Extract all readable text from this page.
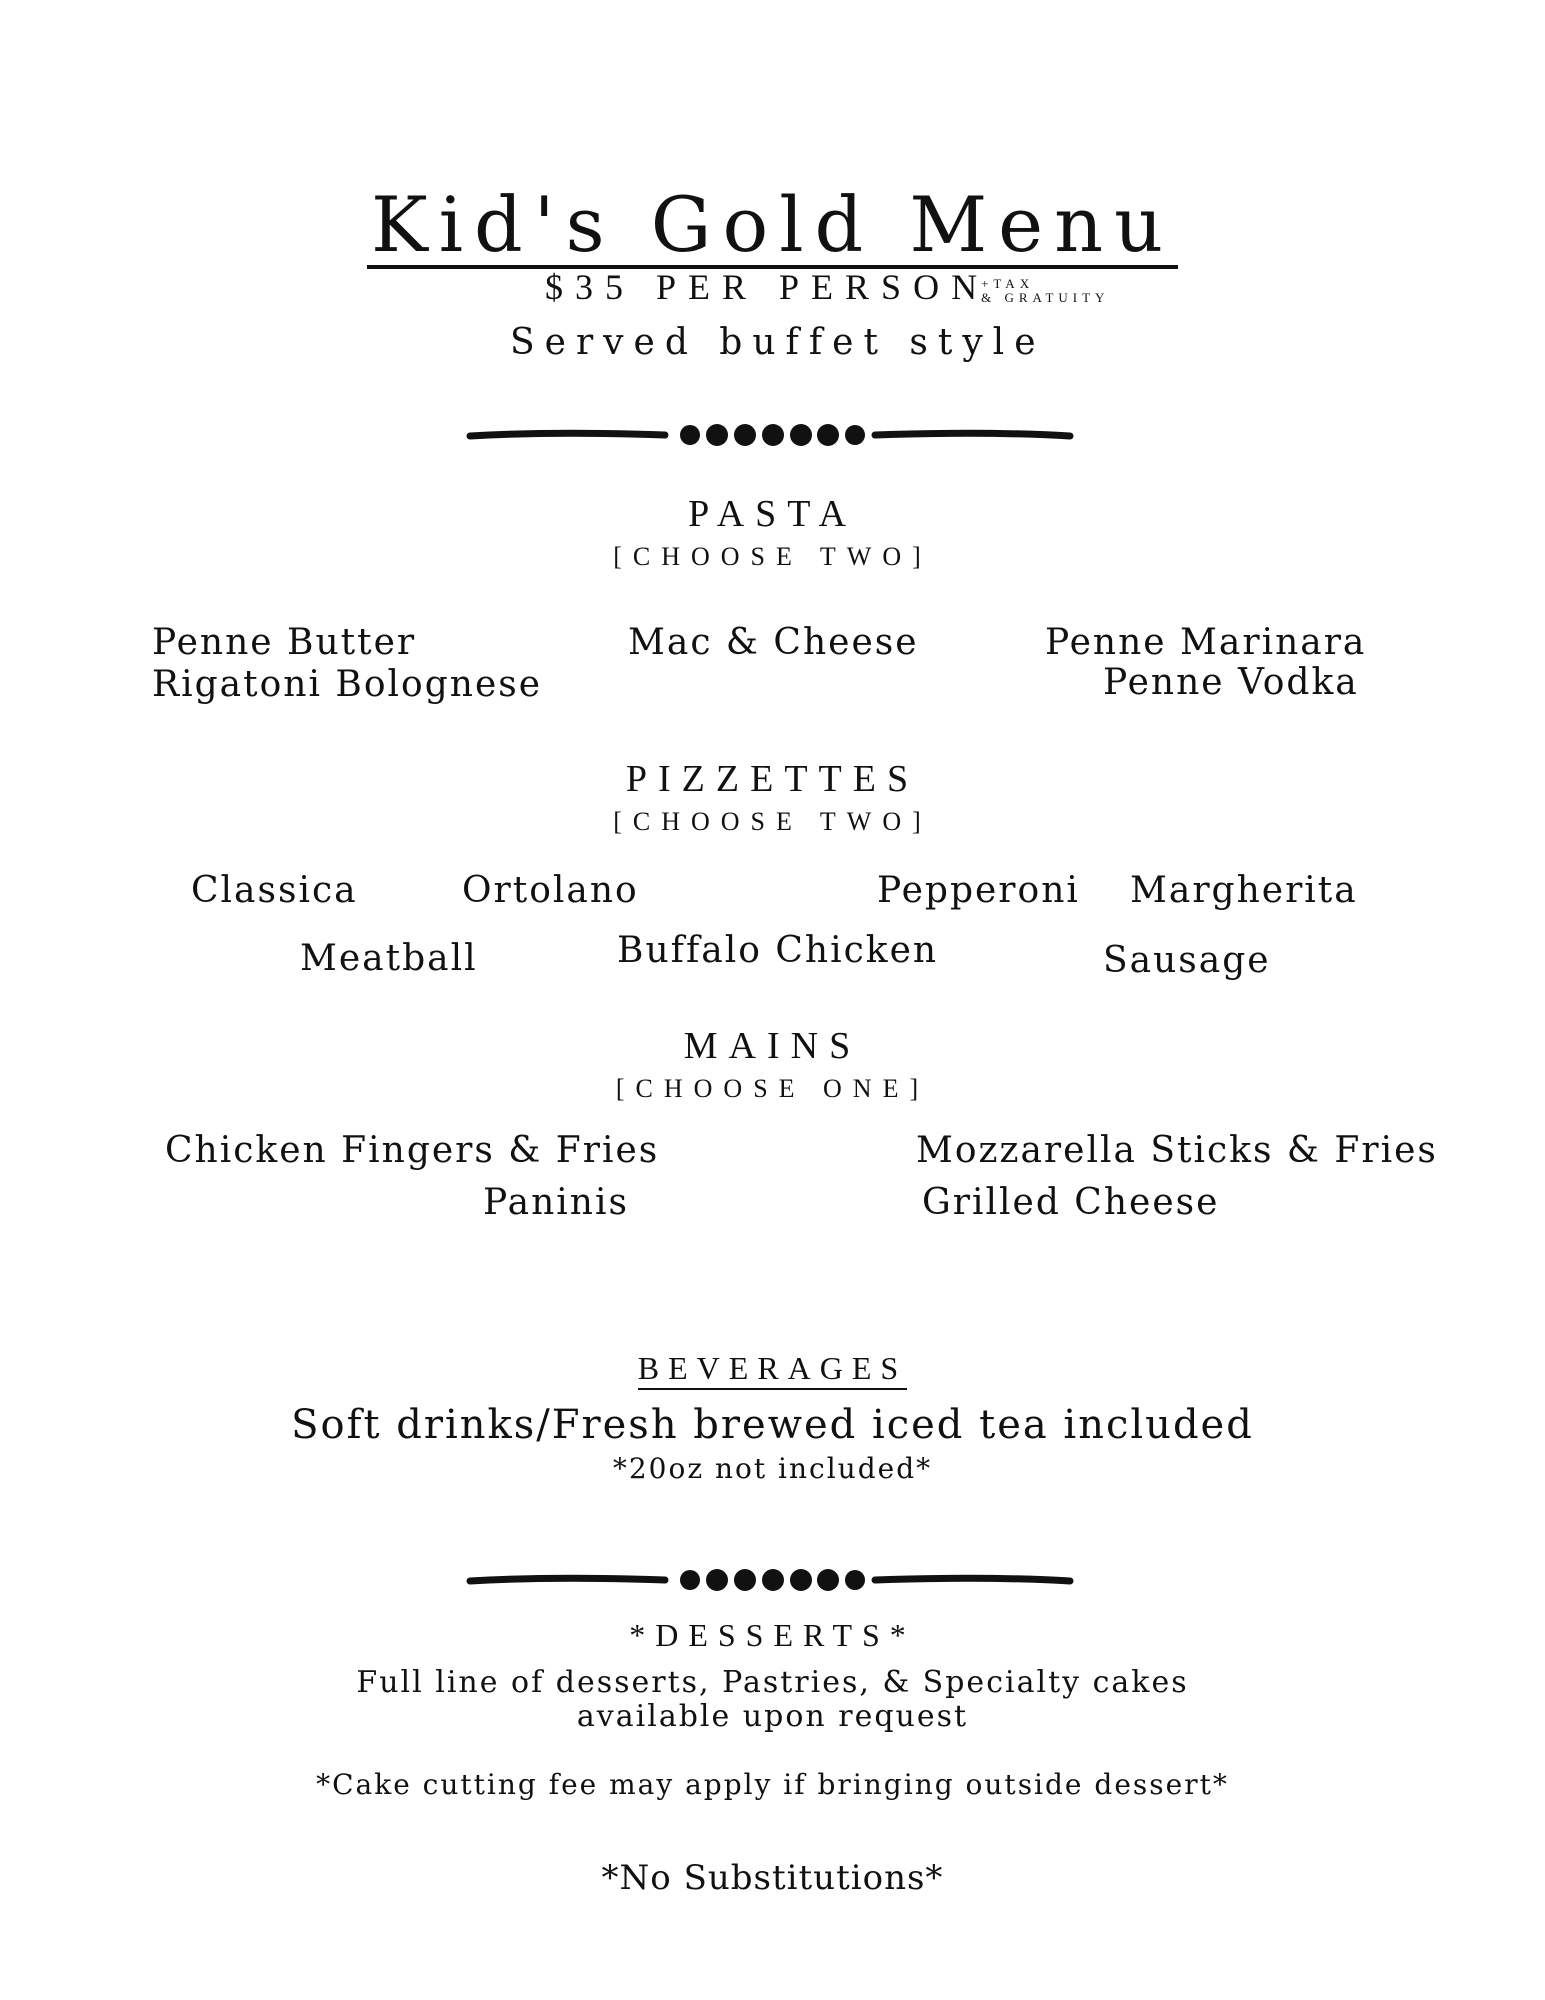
Kid's Gold Menu
$35 PER PERSON+TAX
& GRATUITY
Served buffet style
PASTA
[CHOOSE TWO]
Penne Butter
Rigatoni Bolognese
Mac & Cheese	Penne Marinara
Penne Vodka
PIZZETTES
[CHOOSE TWO]
Classica	Ortolano	Pepperoni Margherita
Meatball	Buffalo Chicken	Sausage
MAINS
[CHOOSE ONE]
Chicken Fingers & Fries
Paninis
Mozzarella Sticks & Fries
Grilled Cheese
BEVERAGES
Soft drinks/Fresh brewed iced tea included
*20oz not included*
*DESSERTS*
Full line of desserts, Pastries, & Specialty cakes
available upon request
*Cake cutting fee may apply if bringing outside dessert*
*No Substitutions*
